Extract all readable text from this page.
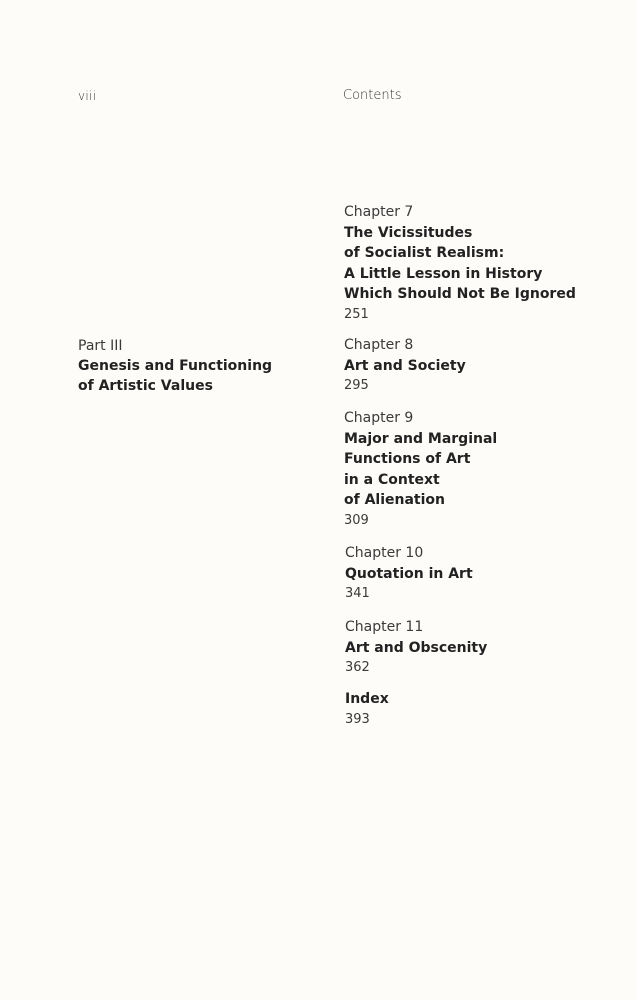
viii	Contents
Part III
Genesis and Functioning
of Artistic Values
Chapter 7
The Vicissitudes
of Socialist Realism:
A Little Lesson in History
Which Should Not Be Ignored
251
Chapter 8
Art and Society
295
Chapter 9
Major and Marginal
Functions of Art
in a Context
of Alienation
309
Chapter 10
Quotation in Art
341
Chapter 11
Art and Obscenity
362
Index
393
